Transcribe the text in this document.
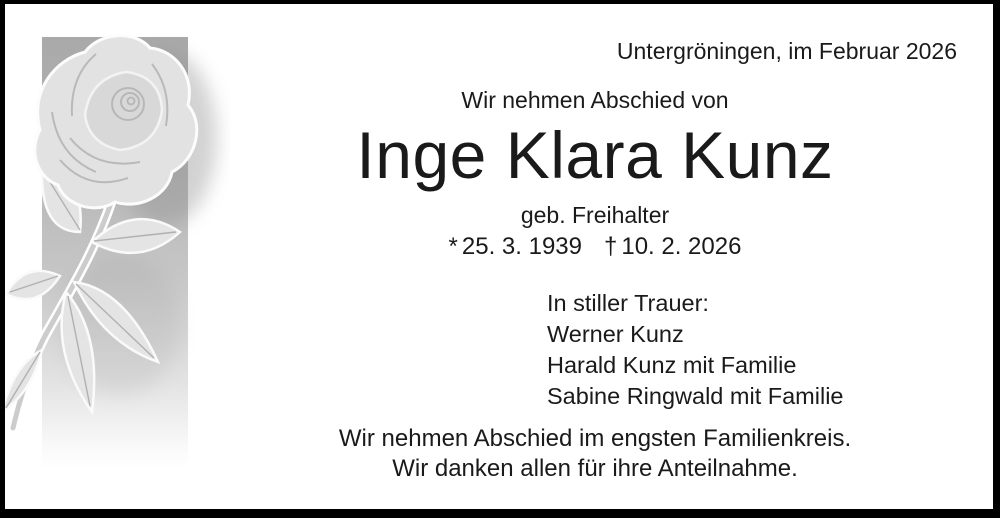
Untergröningen, im Februar 2026
Wir nehmen Abschied von
Inge Klara Kunz
geb. Freihalter
* 25. 3. 1939 † 10. 2. 2026
In stiller Trauer:
Werner Kunz
Harald Kunz mit Familie
Sabine Ringwald mit Familie
Wir nehmen Abschied im engsten Familienkreis.
Wir danken allen für ihre Anteilnahme.
